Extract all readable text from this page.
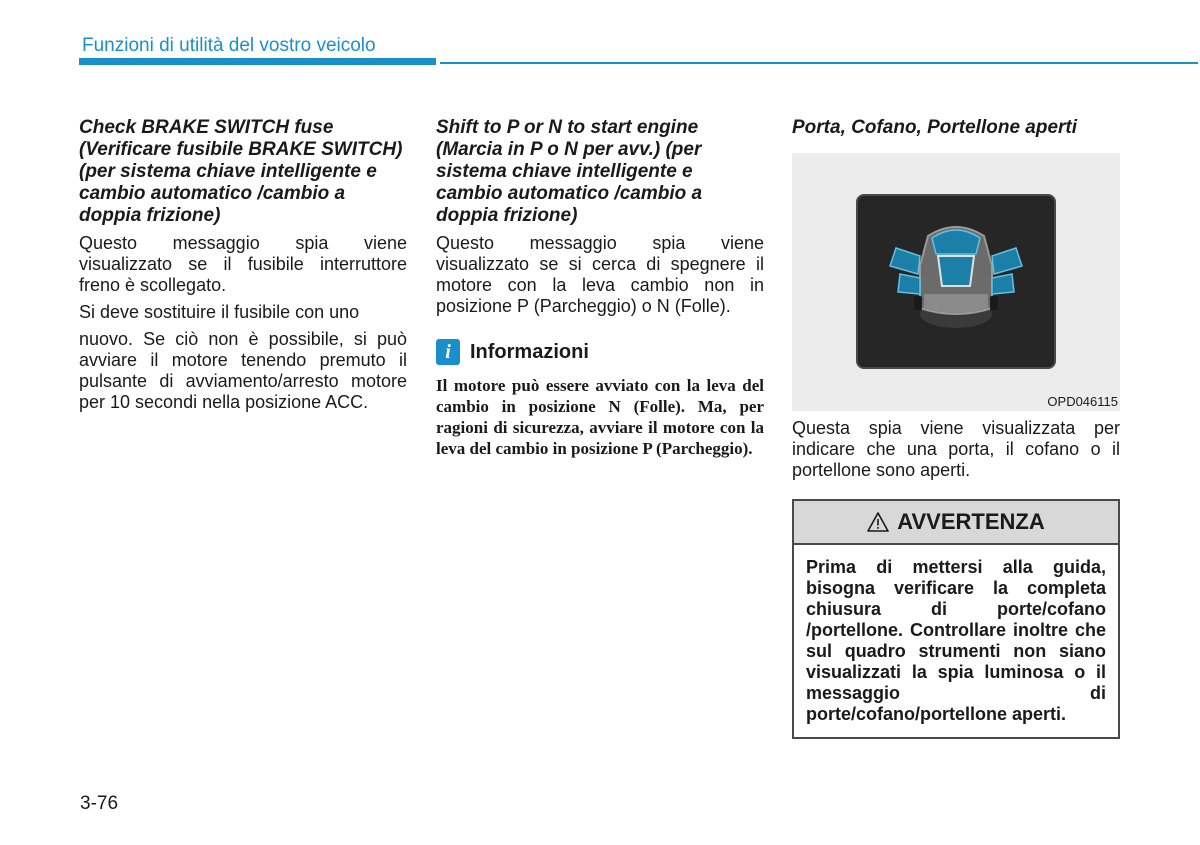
Funzioni di utilità del vostro veicolo

Check BRAKE SWITCH fuse (Verificare fusibile BRAKE SWITCH) (per sistema chiave intelligente e cambio automatico /cambio a doppia frizione)

Questo messaggio spia viene visualizzato se il fusibile interruttore freno è scollegato.

Si deve sostituire il fusibile con uno

nuovo. Se ciò non è possibile, si può avviare il motore tenendo premuto il pulsante di avviamento/arresto motore per 10 secondi nella posizione ACC.

Shift to P or N to start engine (Marcia in P o N per avv.) (per sistema chiave intelligente e cambio automatico /cambio a doppia frizione)

Questo messaggio spia viene visualizzato se si cerca di spegnere il motore con la leva cambio non in posizione P (Parcheggio) o N (Folle).

i Informazioni

Il motore può essere avviato con la leva del cambio in posizione N (Folle). Ma, per ragioni di sicurezza, avviare il motore con la leva del cambio in posizione P (Parcheggio).

Porta, Cofano, Portellone aperti

OPD046115

Questa spia viene visualizzata per indicare che una porta, il cofano o il portellone sono aperti.

AVVERTENZA
Prima di mettersi alla guida, bisogna verificare la completa chiusura di porte/cofano /portellone. Controllare inoltre che sul quadro strumenti non siano visualizzati la spia luminosa o il messaggio di porte/cofano/portellone aperti.
3-76
